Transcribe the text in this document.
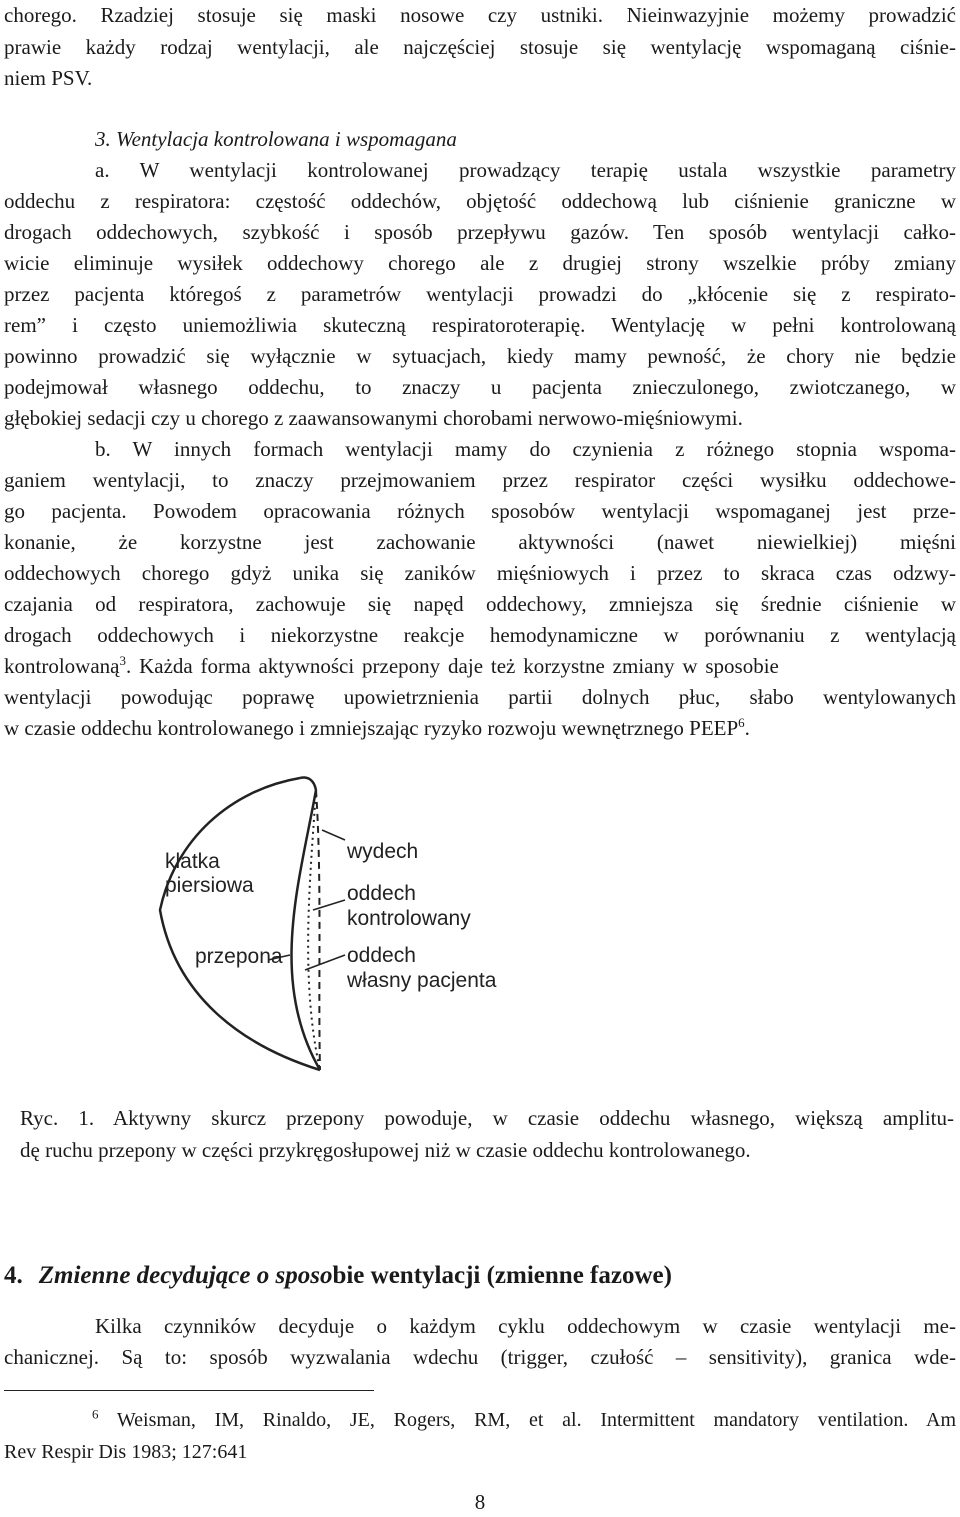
chorego. Rzadziej stosuje się maski nosowe czy ustniki. Nieinwazyjnie możemy prowadzić
prawie każdy rodzaj wentylacji, ale najczęściej stosuje się wentylację wspomaganą ciśnie-
niem PSV.
3. Wentylacja kontrolowana i wspomagana
a. W wentylacji kontrolowanej prowadzący terapię ustala wszystkie parametry
oddechu z respiratora: częstość oddechów, objętość oddechową lub ciśnienie graniczne w
drogach oddechowych, szybkość i sposób przepływu gazów. Ten sposób wentylacji całko-
wicie eliminuje wysiłek oddechowy chorego ale z drugiej strony wszelkie próby zmiany
przez pacjenta któregoś z parametrów wentylacji prowadzi do „kłócenie się z respirato-
rem” i często uniemożliwia skuteczną respiratoroterapię. Wentylację w pełni kontrolowaną
powinno prowadzić się wyłącznie w sytuacjach, kiedy mamy pewność, że chory nie będzie
podejmował własnego oddechu, to znaczy u pacjenta znieczulonego, zwiotczanego, w
głębokiej sedacji czy u chorego z zaawansowanymi chorobami nerwowo-mięśniowymi.
b. W innych formach wentylacji mamy do czynienia z różnego stopnia wspoma-
ganiem wentylacji, to znaczy przejmowaniem przez respirator części wysiłku oddechowe-
go pacjenta. Powodem opracowania różnych sposobów wentylacji wspomaganej jest prze-
konanie, że korzystne jest zachowanie aktywności (nawet niewielkiej) mięśni
oddechowych chorego gdyż unika się zaników mięśniowych i przez to skraca czas odzwy-
czajania od respiratora, zachowuje się napęd oddechowy, zmniejsza się średnie ciśnienie w
drogach oddechowych i niekorzystne reakcje hemodynamiczne w porównaniu z wentylacją
kontrolowaną$^3$. Każda forma aktywności przepony daje też korzystne zmiany w sposobie
wentylacji powodując poprawę upowietrznienia partii dolnych płuc, słabo wentylowanych
w czasie oddechu kontrolowanego i zmniejszając ryzyko rozwoju wewnętrznego PEEP$^6$.
klatka
piersiowa
przepona
wydech
oddech
kontrolowany
oddech
własny pacjenta
Ryc. 1. Aktywny skurcz przepony powoduje, w czasie oddechu własnego, większą amplitu-
dę ruchu przepony w części przykręgosłupowej niż w czasie oddechu kontrolowanego.
4. Zmienne decydujące o sposobie wentylacji (zmienne fazowe)
Kilka czynników decyduje o każdym cyklu oddechowym w czasie wentylacji me-
chanicznej. Są to: sposób wyzwalania wdechu (trigger, czułość – sensitivity), granica wde-
$^6$ Weisman, IM, Rinaldo, JE, Rogers, RM, et al. Intermittent mandatory ventilation. Am
Rev Respir Dis 1983; 127:641
8
